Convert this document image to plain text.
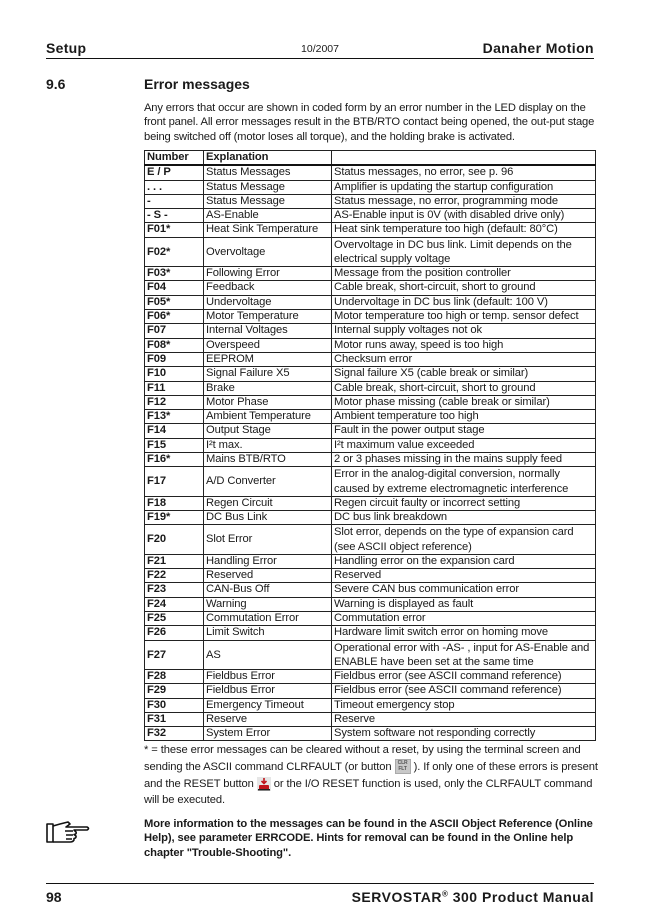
Setup	10/2007	Danaher Motion
9.6	Error messages
Any errors that occur are shown in coded form by an error number in the LED display on the front panel. All error messages result in the BTB/RTO contact being opened, the out-put stage being switched off (motor loses all torque), and the holding brake is activated.
Number	Explanation	
E / P	Status Messages	Status messages, no error, see p. 96
. . .	Status Message	Amplifier is updating the startup configuration
-	Status Message	Status message, no error, programming mode
- S -	AS-Enable	AS-Enable input is 0V (with disabled drive only)
F01*	Heat Sink Temperature	Heat sink temperature too high (default: 80°C)
F02*	Overvoltage	Overvoltage in DC bus link. Limit depends on the electrical supply voltage
F03*	Following Error	Message from the position controller
F04	Feedback	Cable break, short-circuit, short to ground
F05*	Undervoltage	Undervoltage in DC bus link (default: 100 V)
F06*	Motor Temperature	Motor temperature too high or temp. sensor defect
F07	Internal Voltages	Internal supply voltages not ok
F08*	Overspeed	Motor runs away, speed is too high
F09	EEPROM	Checksum error
F10	Signal Failure X5	Signal failure X5 (cable break or similar)
F11	Brake	Cable break, short-circuit, short to ground
F12	Motor Phase	Motor phase missing (cable break or similar)
F13*	Ambient Temperature	Ambient temperature too high
F14	Output Stage	Fault in the power output stage
F15	I²t max.	I²t maximum value exceeded
F16*	Mains BTB/RTO	2 or 3 phases missing in the mains supply feed
F17	A/D Converter	Error in the analog-digital conversion, normally caused by extreme electromagnetic interference
F18	Regen Circuit	Regen circuit faulty or incorrect setting
F19*	DC Bus Link	DC bus link breakdown
F20	Slot Error	Slot error, depends on the type of expansion card (see ASCII object reference)
F21	Handling Error	Handling error on the expansion card
F22	Reserved	Reserved
F23	CAN-Bus Off	Severe CAN bus communication error
F24	Warning	Warning is displayed as fault
F25	Commutation Error	Commutation error
F26	Limit Switch	Hardware limit switch error on homing move
F27	AS	Operational error with -AS- , input for AS-Enable and ENABLE have been set at the same time
F28	Fieldbus Error	Fieldbus error (see ASCII command reference)
F29	Fieldbus Error	Fieldbus error (see ASCII command reference)
F30	Emergency Timeout	Timeout emergency stop
F31	Reserve	Reserve
F32	System Error	System software not responding correctly
* = these error messages can be cleared without a reset, by using the terminal screen and sending the ASCII command CLRFAULT (or button CLR
FLT ). If only one of these errors is present and the RESET button  or the I/O RESET function is used, only the CLRFAULT command will be executed.
More information to the messages can be found in the ASCII Object Reference (Online Help), see parameter ERRCODE. Hints for removal can be found in the Online help chapter "Trouble-Shooting".
98	SERVOSTAR® 300 Product Manual
